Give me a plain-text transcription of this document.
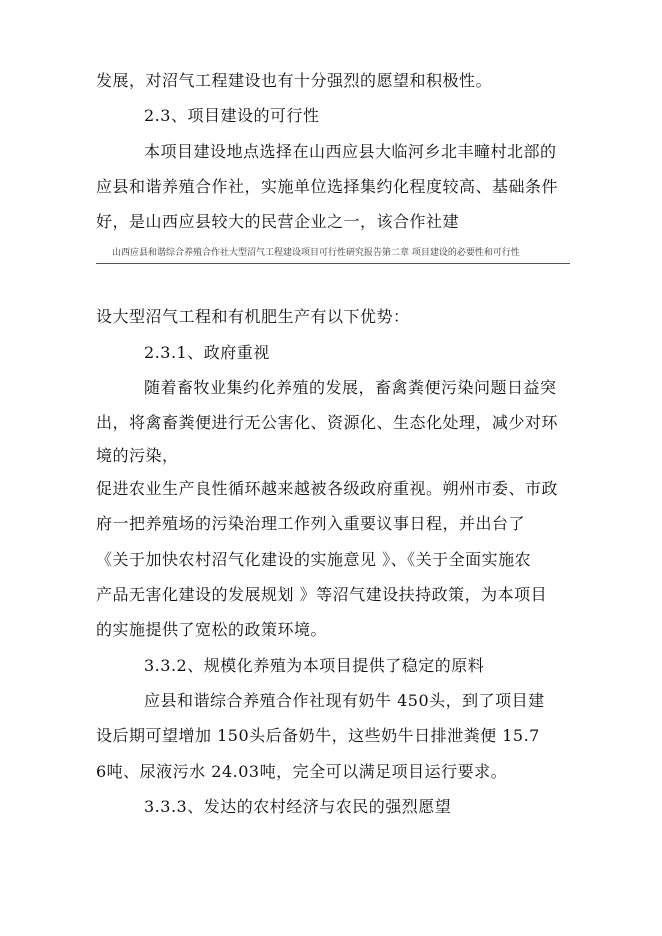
发展，对沼气工程建设也有十分强烈的愿望和积极性。
2.3、项目建设的可行性
本项目建设地点选择在山西应县大临河乡北丰疃村北部的
应县和谐养殖合作社，实施单位选择集约化程度较高、基础条件
好，是山西应县较大的民营企业之一，该合作社建
山西应县和谐综合养殖合作社大型沼气工程建设项目可行性研究报告第二章 项目建设的必要性和可行性
设大型沼气工程和有机肥生产有以下优势：
2.3.1、政府重视
随着畜牧业集约化养殖的发展，畜禽粪便污染问题日益突
出，将禽畜粪便进行无公害化、资源化、生态化处理，减少对环
境的污染，
促进农业生产良性循环越来越被各级政府重视。朔州市委、市政
府一把养殖场的污染治理工作列入重要议事日程，并出台了
《关于加快农村沼气化建设的实施意见 》、《关于全面实施农
产品无害化建设的发展规划 》等沼气建设扶持政策，为本项目
的实施提供了宽松的政策环境。
3.3.2、规模化养殖为本项目提供了稳定的原料
应县和谐综合养殖合作社现有奶牛 450头，到了项目建
设后期可望增加 150头后备奶牛，这些奶牛日排泄粪便 15.7
6吨、尿液污水 24.03吨，完全可以满足项目运行要求。
3.3.3、发达的农村经济与农民的强烈愿望
